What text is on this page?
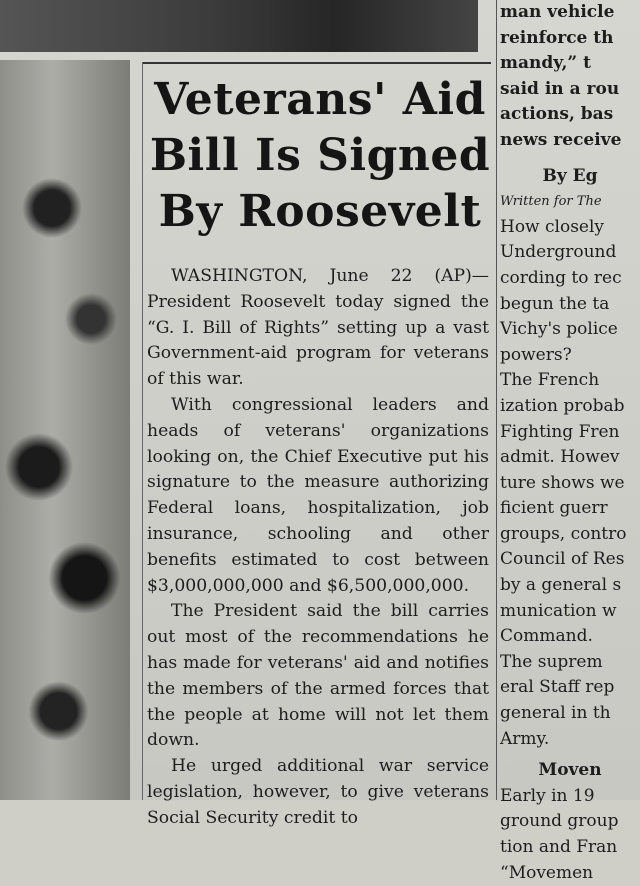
Veterans' Aid
Bill Is Signed
By Roosevelt

WASHINGTON, June 22 (AP)— President Roosevelt today signed the “G. I. Bill of Rights” setting up a vast Government-aid program for veterans of this war.

With congressional leaders and heads of veterans' organizations looking on, the Chief Executive put his signature to the measure authorizing Federal loans, hospitalization, job insurance, schooling and other benefits estimated to cost between $3,000,000,000 and $6,500,000,000.

The President said the bill carries out most of the recommendations he has made for veterans' aid and notifies the members of the armed forces that the people at home will not let them down.

He urged additional war service legislation, however, to give veterans Social Security credit to

man vehicle
reinforce th
mandy,” t
said in a rou
actions, bas
news receive
By Eg
Written for The
How closely
Underground
cording to rec
begun the ta
Vichy's police
powers?
The French
ization probab
Fighting Fren
admit. Howev
ture shows we
ficient guerr
groups, contro
Council of Res
by a general s
munication w
Command.
The suprem
eral Staff rep
general in th
Army.
Moven
Early in 19
ground group
tion and Fran
“Movemen
